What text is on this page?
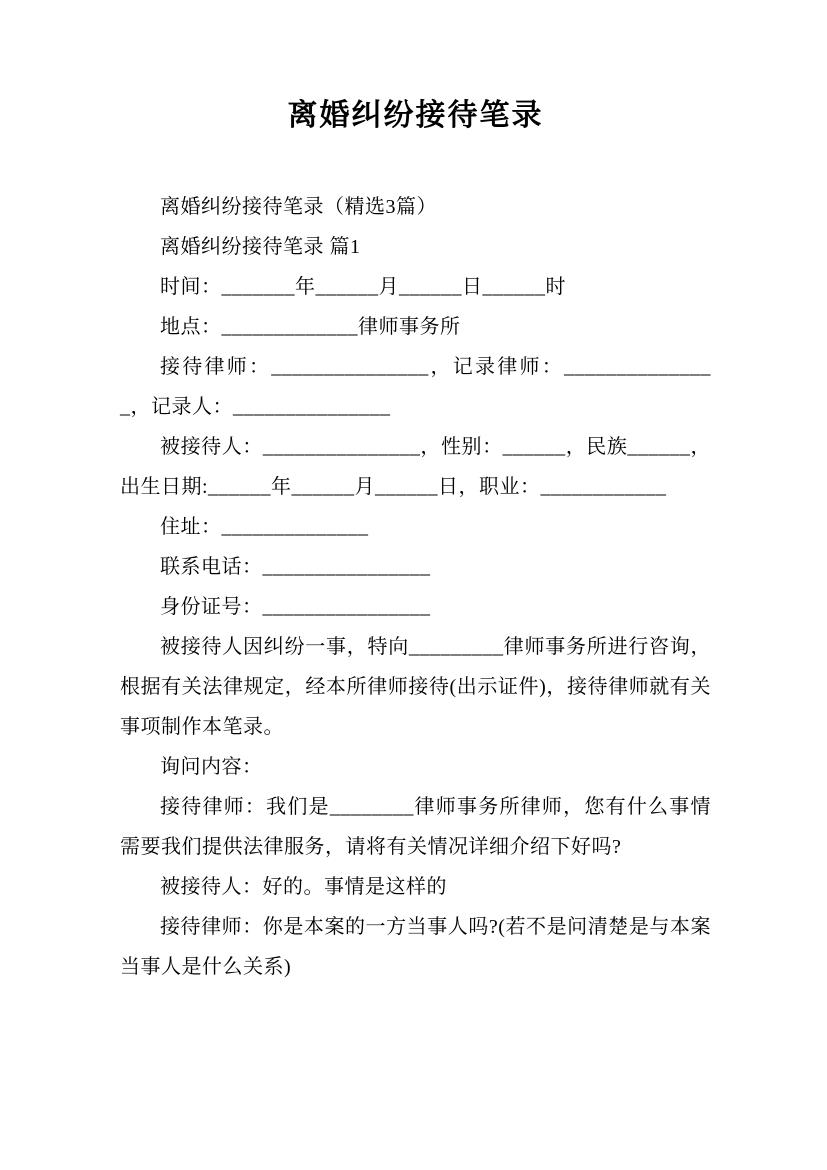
离婚纠纷接待笔录

离婚纠纷接待笔录（精选3篇）

离婚纠纷接待笔录 篇1

时间：_______年______月______日______时

地点：_____________律师事务所

接待律师：_______________，记录律师：_______________，记录人：_______________

被接待人：_______________，性别：______，民族______，出生日期:______年______月______日，职业：____________

住址：______________

联系电话：________________

身份证号：________________

被接待人因纠纷一事，特向_________律师事务所进行咨询，根据有关法律规定，经本所律师接待(出示证件)，接待律师就有关事项制作本笔录。

询问内容：

接待律师：我们是________律师事务所律师，您有什么事情需要我们提供法律服务，请将有关情况详细介绍下好吗?

被接待人：好的。事情是这样的

接待律师：你是本案的一方当事人吗?(若不是问清楚是与本案当事人是什么关系)
